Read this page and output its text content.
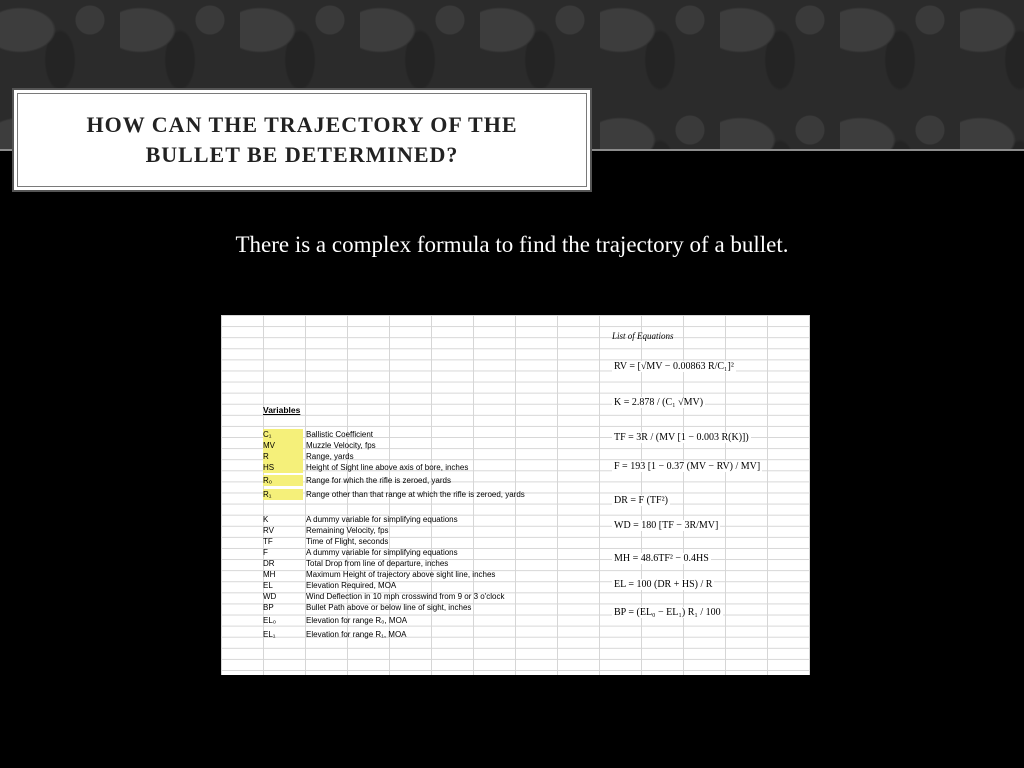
HOW CAN THE TRAJECTORY OF THE BULLET BE DETERMINED?
There is a complex formula to find the trajectory of a bullet.
Variables
C₁	Ballistic Coefficient
MV	Muzzle Velocity, fps
R	Range, yards
HS	Height of Sight line above axis of bore, inches
R₀	Range for which the rifle is zeroed, yards
R₁	Range other than that range at which the rifle is zeroed, yards
K	A dummy variable for simplifying equations
RV	Remaining Velocity, fps
TF	Time of Flight, seconds
F	A dummy variable for simplifying equations
DR	Total Drop from line of departure, inches
MH	Maximum Height of trajectory above sight line, inches
EL	Elevation Required, MOA
WD	Wind Deflection in 10 mph crosswind from 9 or 3 o'clock
BP	Bullet Path above or below line of sight, inches
EL₀	Elevation for range R₀, MOA
EL₁	Elevation for range R₁, MOA
List of Equations
RV = [√MV − 0.00863 R/C₁]²
K = 2.878 / (C₁ √MV)
TF = 3R / (MV [1 − 0.003 R(K)])
F = 193 [1 − 0.37 (MV − RV) / MV]
DR = F (TF²)
WD = 180 [TF − 3R/MV]
MH = 48.6TF² − 0.4HS
EL = 100 (DR + HS) / R
BP = (EL₀ − EL₁) R₁ / 100
